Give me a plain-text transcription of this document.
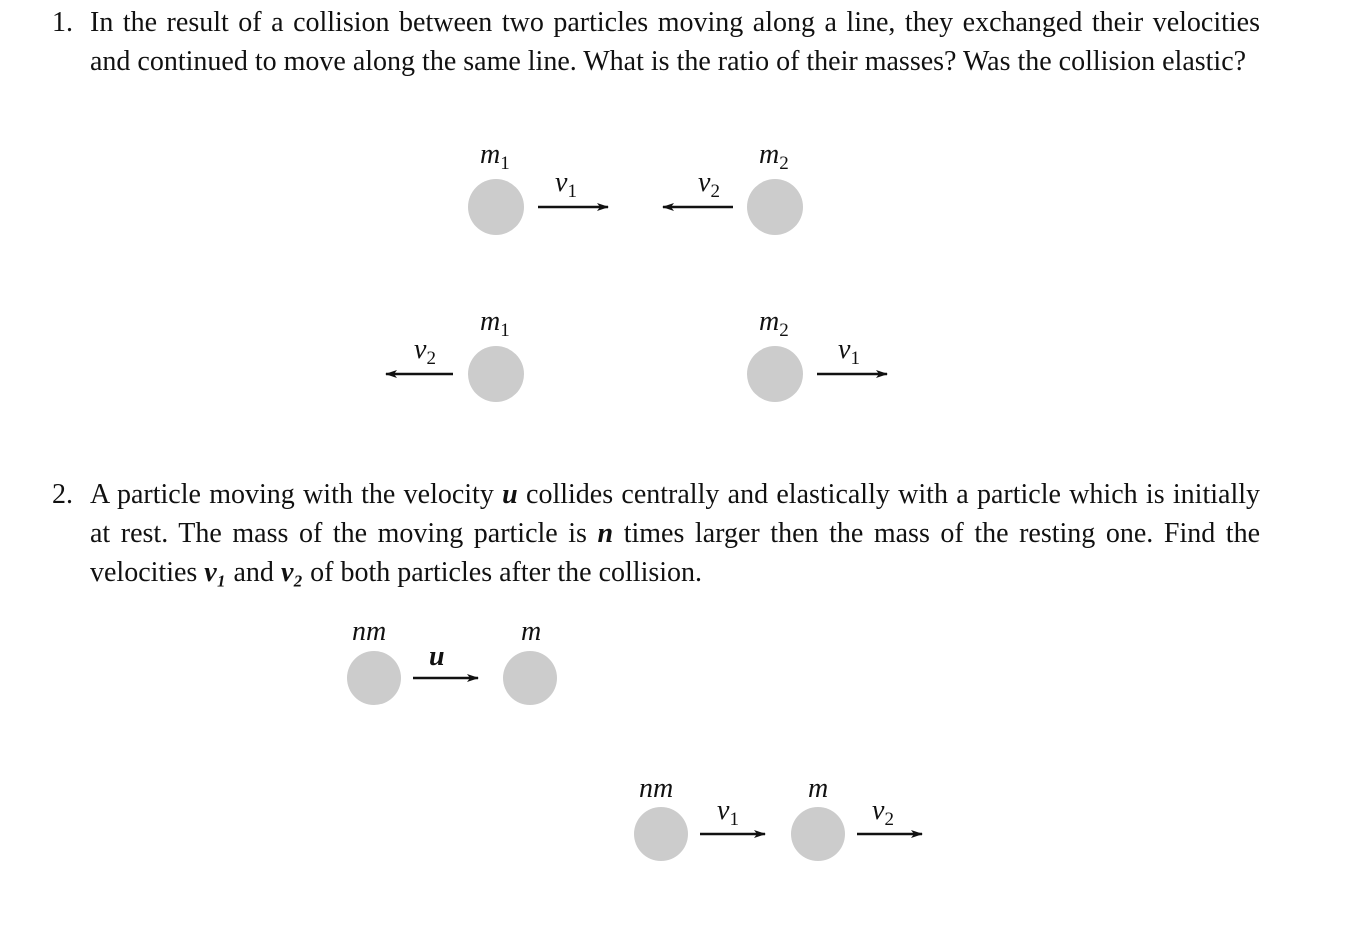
1. In the result of a collision between two particles moving along a line, they exchanged their velocities and continued to move along the same line. What is the ratio of their masses? Was the collision elastic?
2. A particle moving with the velocity u collides centrally and elastically with a particle which is initially at rest. The mass of the moving particle is n times larger then the mass of the resting one. Find the velocities v₁ and v₂ of both particles after the collision.
$m_1$
$v_1$	$v_2$
$m_2$
$m_1$	$m_2$
$v_2$	$v_1$
nm
u
m
nm
$v_1$
m
$v_2$
